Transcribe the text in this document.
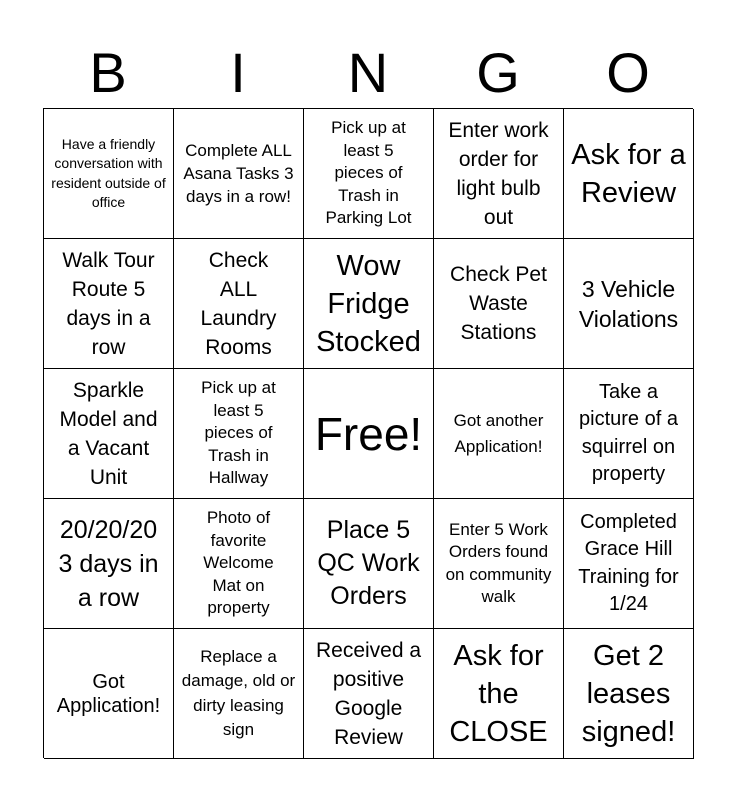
B	I	N	G	O
Have a friendly conversation with resident outside of office
Complete ALL Asana Tasks 3 days in a row!
Pick up at least 5 pieces of Trash in Parking Lot
Enter work order for light bulb out
Ask for a Review
Walk Tour Route 5 days in a row
Check ALL Laundry Rooms
Wow Fridge Stocked
Check Pet Waste Stations
3 Vehicle Violations
Sparkle Model and a Vacant Unit
Pick up at least 5 pieces of Trash in Hallway
Free!	Got another Application!
Take a picture of a squirrel on property
20/20/20 3 days in a row
Photo of favorite Welcome Mat on property
Place 5 QC Work Orders
Enter 5 Work Orders found on community walk
Completed Grace Hill Training for 1/24
Got Application!
Replace a damage, old or dirty leasing sign
Received a positive Google Review
Ask for the CLOSE
Get 2 leases signed!
